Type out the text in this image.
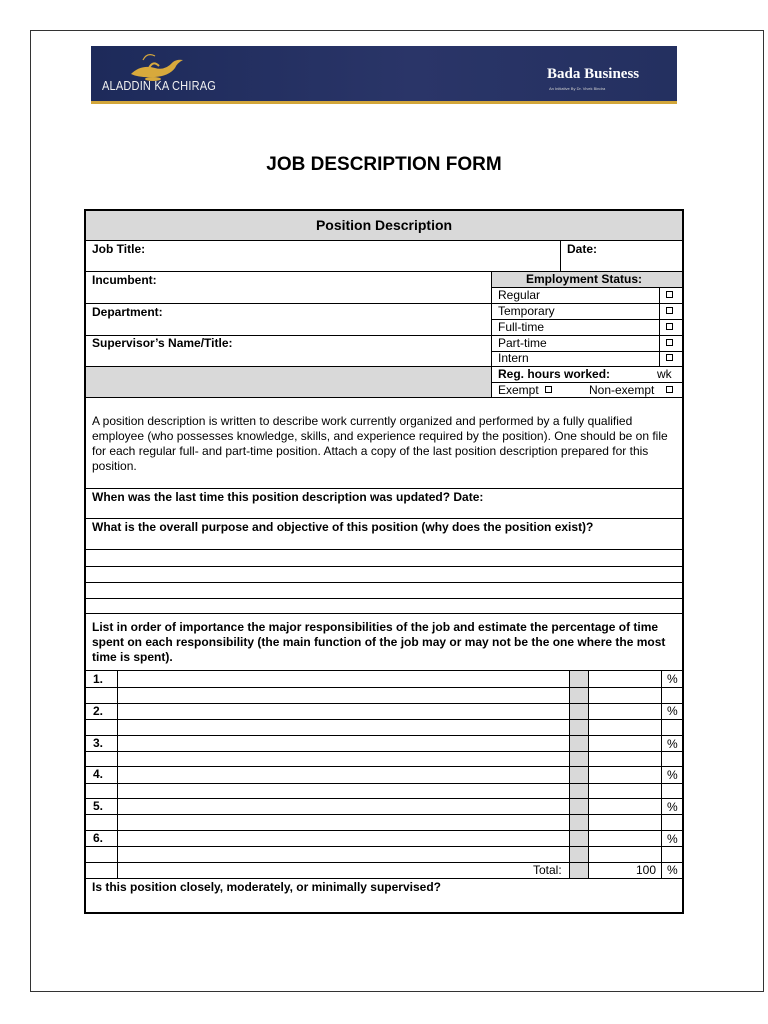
ALADDIN KA CHIRAG
Bada Business
An Initiative By Dr. Vivek Bindra
JOB DESCRIPTION FORM
Position Description
Job Title:	Date:
Incumbent:
Department:
Supervisor’s Name/Title:
Employment Status:
Regular
Temporary
Full-time
Part-time
Intern
Reg. hours worked:	wk
Exempt	Non-exempt
A position description is written to describe work currently organized and performed by a fully qualified employee (who possesses knowledge, skills, and experience required by the position). One should be on file for each regular full- and part-time position. Attach a copy of the last position description prepared for this position.
When was the last time this position description was updated? Date:
What is the overall purpose and objective of this position (why does the position exist)?
List in order of importance the major responsibilities of the job and estimate the percentage of time spent on each responsibility (the main function of the job may or may not be the one where the most time is spent).
1.	%
2.	%
3.	%
4.	%
5.	%
6.	%
Total:	100 %
Is this position closely, moderately, or minimally supervised?
